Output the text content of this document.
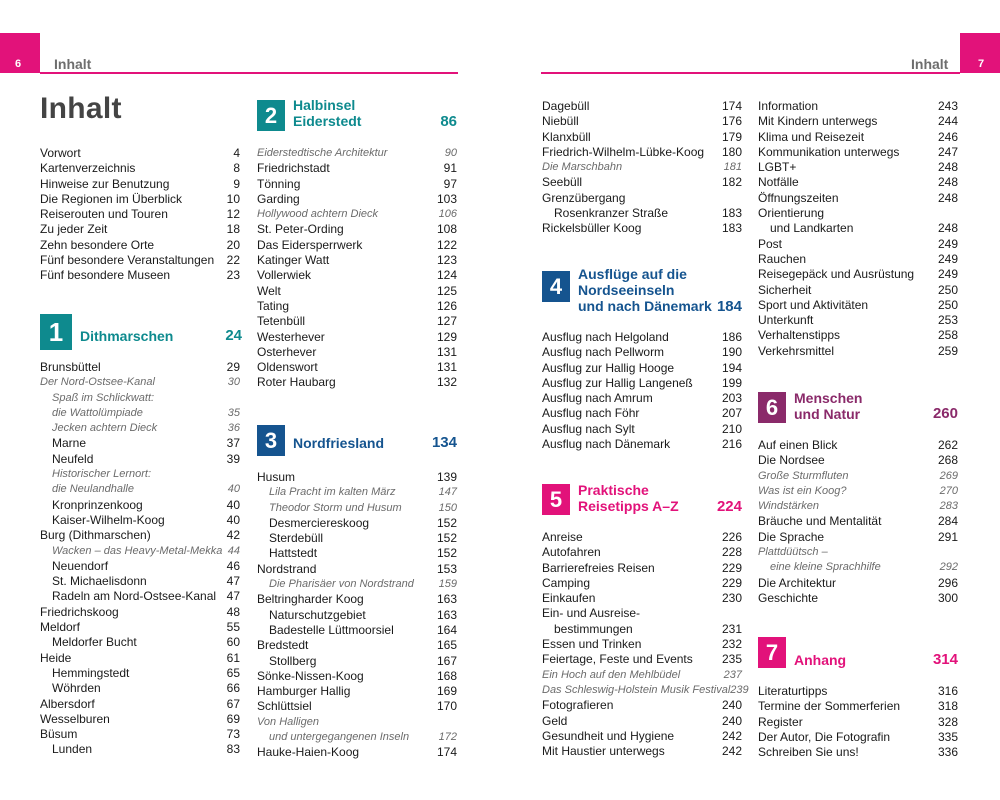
6	7
Inhalt	Inhalt
Inhalt
Vorwort	4
Kartenverzeichnis	8
Hinweise zur Benutzung	9
Die Regionen im Überblick	10
Reiserouten und Touren	12
Zu jeder Zeit	18
Zehn besondere Orte	20
Fünf besondere Veranstaltungen 22
Fünf besondere Museen	23
1	Dithmarschen	24
Brunsbüttel	29
Der Nord-Ostsee-Kanal	30
Spaß im Schlickwatt:
die Wattolümpiade	35
Jecken achtern Dieck	36
Marne	37
Neufeld	39
Historischer Lernort:
die Neulandhalle	40
Kronprinzenkoog	40
Kaiser-Wilhelm-Koog	40
Burg (Dithmarschen)	42
Wacken – das Heavy-Metal-Mekka 44
Neuendorf	46
St. Michaelisdonn	47
Radeln am Nord-Ostsee-Kanal 47
Friedrichskoog	48
Meldorf	55
Meldorfer Bucht	60
Heide	61
Hemmingstedt	65
Wöhrden	66
Albersdorf	67
Wesselburen	69
Büsum	73
Lunden	83
2	Halbinsel
Eiderstedt	86
Eiderstedtische Architektur	90
Friedrichstadt	91
Tönning	97
Garding	103
Hollywood achtern Dieck	106
St. Peter-Ording	108
Das Eidersperrwerk	122
Katinger Watt	123
Vollerwiek	124
Welt	125
Tating	126
Tetenbüll	127
Westerhever	129
Osterhever	131
Oldenswort	131
Roter Haubarg	132
3	Nordfriesland	134
Husum	139
Lila Pracht im kalten März	147
Theodor Storm und Husum	150
Desmerciereskoog	152
Sterdebüll	152
Hattstedt	152
Nordstrand	153
Die Pharisäer von Nordstrand 159
Beltringharder Koog	163
Naturschutzgebiet	163
Badestelle Lüttmoorsiel	164
Bredstedt	165
Stollberg	167
Sönke-Nissen-Koog	168
Hamburger Hallig	169
Schlüttsiel	170
Von Halligen
und untergegangenen Inseln	172
Hauke-Haien-Koog	174
Dagebüll	174
Niebüll	176
Klanxbüll	179
Friedrich-Wilhelm-Lübke-Koog 180
Die Marschbahn	181
Seebüll	182
Grenzübergang
Rosenkranzer Straße	183
Rickelsbüller Koog	183
4	Ausflüge auf die
Nordseeinseln
und nach Dänemark 184
Ausflug nach Helgoland	186
Ausflug nach Pellworm	190
Ausflug zur Hallig Hooge	194
Ausflug zur Hallig Langeneß 199
Ausflug nach Amrum	203
Ausflug nach Föhr	207
Ausflug nach Sylt	210
Ausflug nach Dänemark	216
5	Praktische
Reisetipps A–Z	224
Anreise	226
Autofahren	228
Barrierefreies Reisen	229
Camping	229
Einkaufen	230
Ein- und Ausreise-
bestimmungen	231
Essen und Trinken	232
Feiertage, Feste und Events 235
Ein Hoch auf den Mehlbüdel	237
Das Schleswig-Holstein Musik Festival 239
Fotografieren	240
Geld	240
Gesundheit und Hygiene	242
Mit Haustier unterwegs	242
Information	243
Mit Kindern unterwegs	244
Klima und Reisezeit	246
Kommunikation unterwegs	247
LGBT+	248
Notfälle	248
Öffnungszeiten	248
Orientierung
und Landkarten	248
Post	249
Rauchen	249
Reisegepäck und Ausrüstung 249
Sicherheit	250
Sport und Aktivitäten	250
Unterkunft	253
Verhaltenstipps	258
Verkehrsmittel	259
6	Menschen
und Natur	260
Auf einen Blick	262
Die Nordsee	268
Große Sturmfluten	269
Was ist ein Koog?	270
Windstärken	283
Bräuche und Mentalität	284
Die Sprache	291
Plattdüütsch –
eine kleine Sprachhilfe	292
Die Architektur	296
Geschichte	300
7	Anhang	314
Literaturtipps	316
Termine der Sommerferien	318
Register	328
Der Autor, Die Fotografin	335
Schreiben Sie uns!	336
